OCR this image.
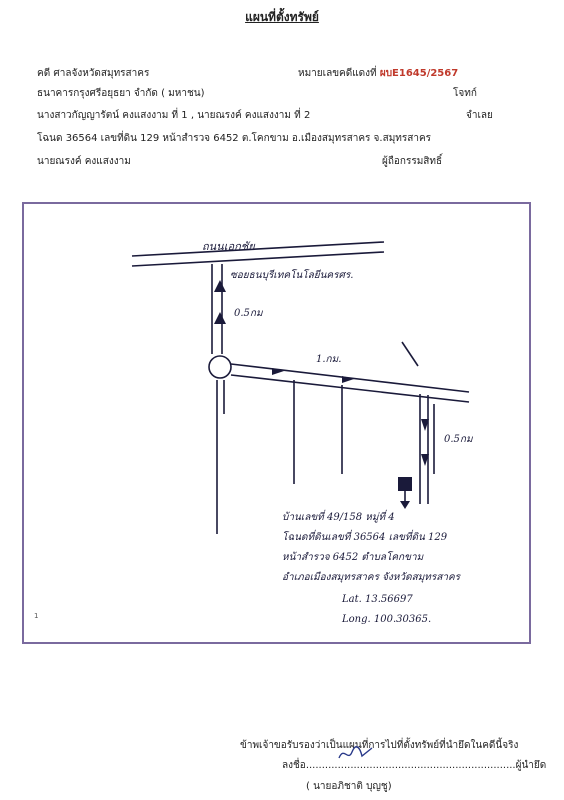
แผนที่ตั้งทรัพย์
คดี ศาลจังหวัดสมุทรสาคร	หมายเลขคดีแดงที่ ผบE1645/2567
ธนาคารกรุงศรีอยุธยา จำกัด ( มหาชน)	โจทก์
นางสาวกัญญารัตน์ คงแสงงาม ที่ 1 , นายณรงค์ คงแสงงาม ที่ 2	จำเลย
โฉนด 36564 เลขที่ดิน 129 หน้าสำรวจ 6452 ต.โคกขาม อ.เมืองสมุทรสาคร จ.สมุทรสาคร
นายณรงค์ คงแสงงาม	ผู้ถือกรรมสิทธิ์
ถนนเอกชัย
ซอยธนบุรีเทคโนโลยีนครศร.
0.5กม
1.กม.
0.5กม
บ้านเลขที่ 49/158 หมู่ที่ 4
โฉนดที่ดินเลขที่ 36564 เลขที่ดิน 129
หน้าสำรวจ 6452 ตำบลโคกขาม
อำเภอเมืองสมุทรสาคร จังหวัดสมุทรสาคร
Lat. 13.56697
Long. 100.30365.
1
ข้าพเจ้าขอรับรองว่าเป็นแผนที่การไปที่ตั้งทรัพย์ที่นำยึดในคดีนี้จริง
ลงชื่อ..................................................................ผู้นำยึด
( นายอภิชาติ บุญชู)
